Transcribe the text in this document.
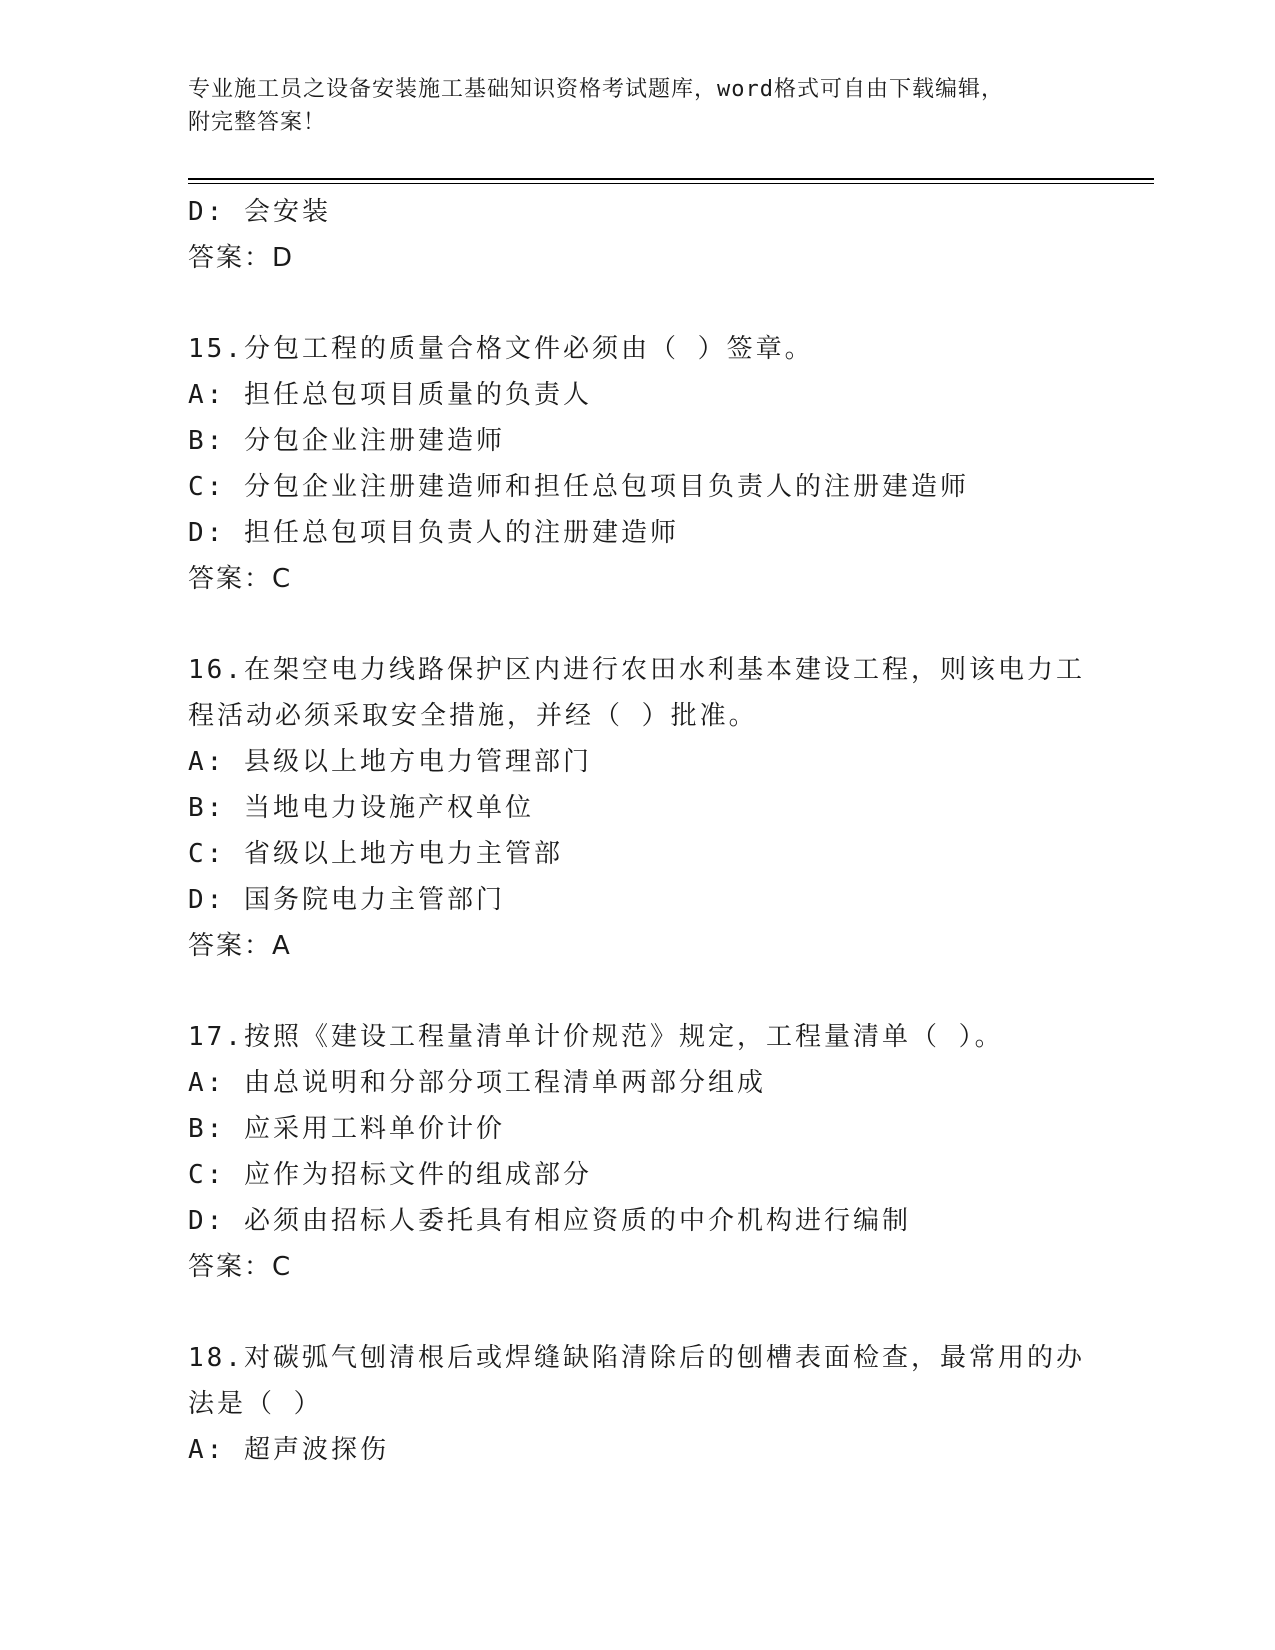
专业施工员之设备安装施工基础知识资格考试题库，word格式可自由下载编辑，
附完整答案！
D: 会安装
答案：D
15.分包工程的质量合格文件必须由（ ）签章。
A: 担任总包项目质量的负责人
B: 分包企业注册建造师
C: 分包企业注册建造师和担任总包项目负责人的注册建造师
D: 担任总包项目负责人的注册建造师
答案：C
16.在架空电力线路保护区内进行农田水利基本建设工程，则该电力工
程活动必须采取安全措施，并经（ ）批准。
A: 县级以上地方电力管理部门
B: 当地电力设施产权单位
C: 省级以上地方电力主管部
D: 国务院电力主管部门
答案：A
17.按照《建设工程量清单计价规范》规定，工程量清单（ ）。
A: 由总说明和分部分项工程清单两部分组成
B: 应采用工料单价计价
C: 应作为招标文件的组成部分
D: 必须由招标人委托具有相应资质的中介机构进行编制
答案：C
18.对碳弧气刨清根后或焊缝缺陷清除后的刨槽表面检查，最常用的办
法是（ ）
A: 超声波探伤
